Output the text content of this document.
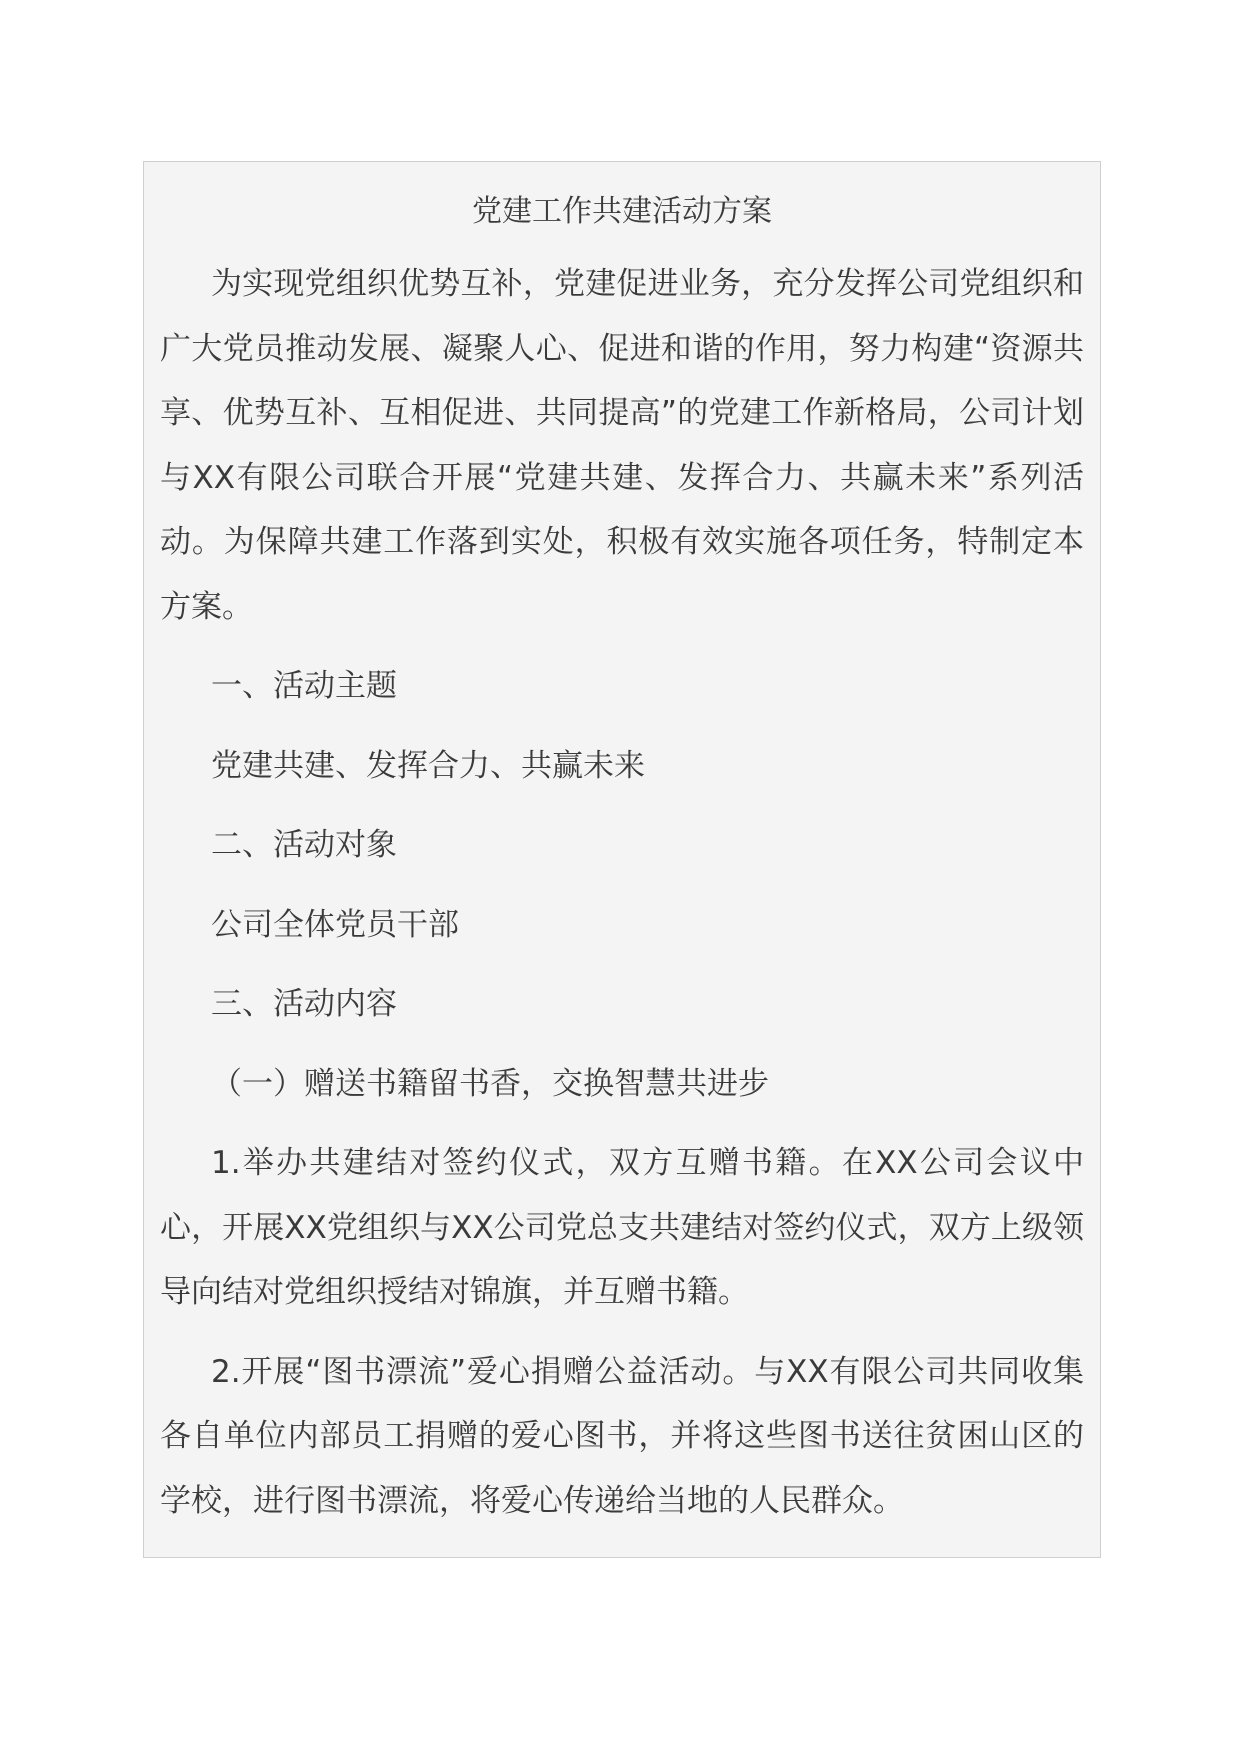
党建工作共建活动方案
为实现党组织优势互补，党建促进业务，充分发挥公司党组织和广大党员推动发展、凝聚人心、促进和谐的作用，努力构建“资源共享、优势互补、互相促进、共同提高”的党建工作新格局，公司计划与XX有限公司联合开展“党建共建、发挥合力、共赢未来”系列活动。为保障共建工作落到实处，积极有效实施各项任务，特制定本方案。
一、活动主题
党建共建、发挥合力、共赢未来
二、活动对象
公司全体党员干部
三、活动内容
（一）赠送书籍留书香，交换智慧共进步
1.举办共建结对签约仪式，双方互赠书籍。在XX公司会议中心，开展XX党组织与XX公司党总支共建结对签约仪式，双方上级领导向结对党组织授结对锦旗，并互赠书籍。
2.开展“图书漂流”爱心捐赠公益活动。与XX有限公司共同收集各自单位内部员工捐赠的爱心图书，并将这些图书送往贫困山区的学校，进行图书漂流，将爱心传递给当地的人民群众。
